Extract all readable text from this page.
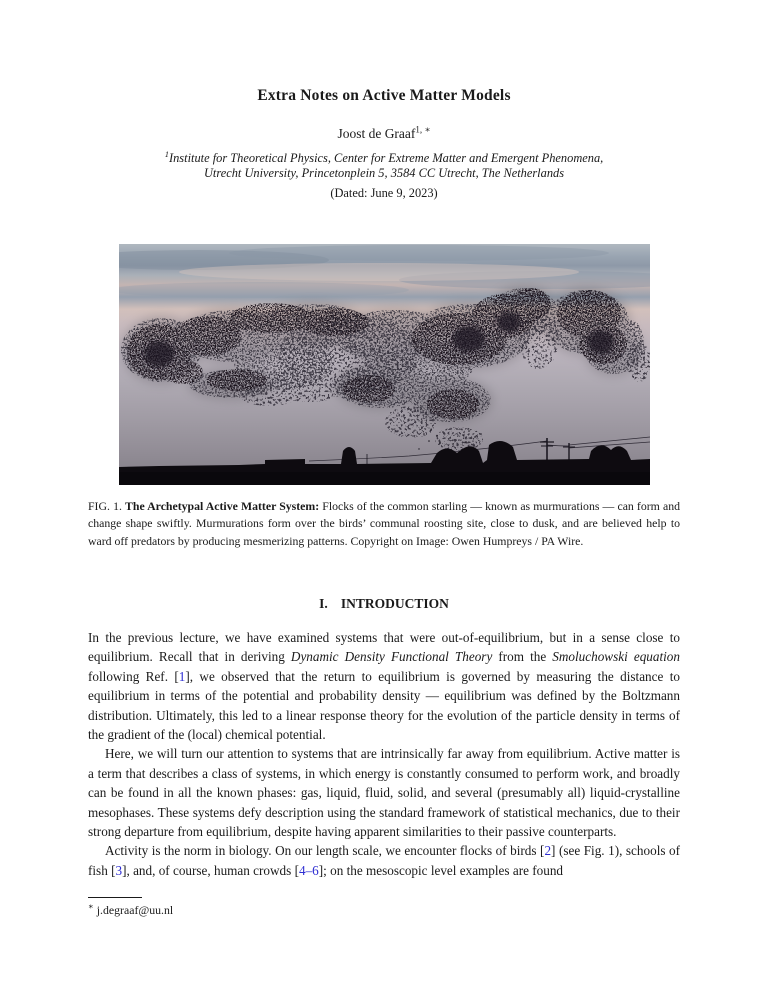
Extra Notes on Active Matter Models
Joost de Graaf$^{1, ∗}$
$^1$Institute for Theoretical Physics, Center for Extreme Matter and Emergent Phenomena,
Utrecht University, Princetonplein 5, 3584 CC Utrecht, The Netherlands
(Dated: June 9, 2023)
FIG. 1. The Archetypal Active Matter System: Flocks of the common starling — known as murmurations — can form and change shape swiftly. Murmurations form over the birds’ communal roosting site, close to dusk, and are believed help to ward off predators by producing mesmerizing patterns. Copyright on Image: Owen Humpreys / PA Wire.
I. INTRODUCTION

In the previous lecture, we have examined systems that were out-of-equilibrium, but in a sense close to equilibrium. Recall that in deriving Dynamic Density Functional Theory from the Smoluchowski equation following Ref. [1], we observed that the return to equilibrium is governed by measuring the distance to equilibrium in terms of the potential and probability density — equilibrium was defined by the Boltzmann distribution. Ultimately, this led to a linear response theory for the evolution of the particle density in terms of the gradient of the (local) chemical potential.

Here, we will turn our attention to systems that are intrinsically far away from equilibrium. Active matter is a term that describes a class of systems, in which energy is constantly consumed to perform work, and broadly can be found in all the known phases: gas, liquid, fluid, solid, and several (presumably all) liquid-crystalline mesophases. These systems defy description using the standard framework of statistical mechanics, due to their strong departure from equilibrium, despite having apparent similarities to their passive counterparts.

Activity is the norm in biology. On our length scale, we encounter flocks of birds [2] (see Fig. 1), schools of fish [3], and, of course, human crowds [4–6]; on the mesoscopic level examples are found

∗ j.degraaf@uu.nl
